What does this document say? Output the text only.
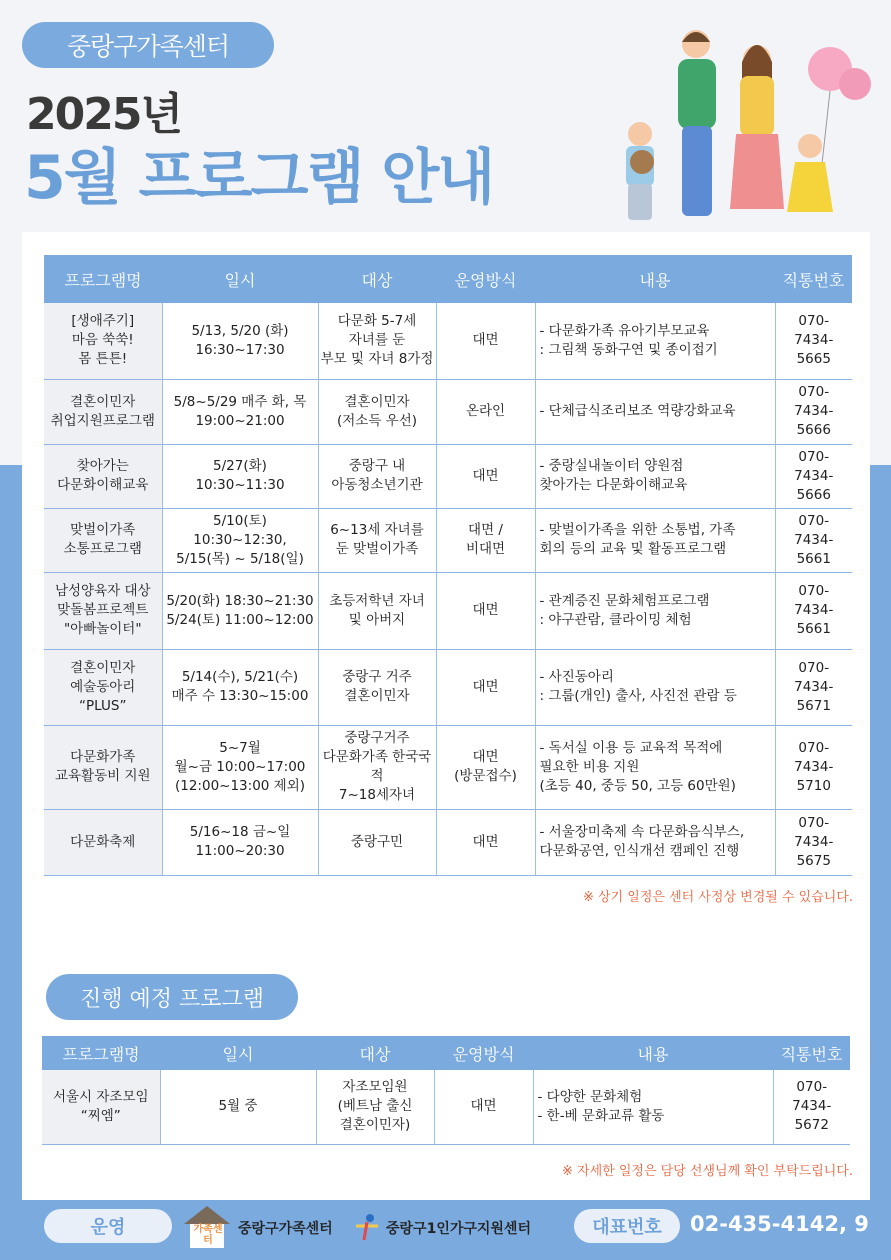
중랑구가족센터
2025년
5월 프로그램 안내
프로그램명	일시	대상	운영방식	내용	직통번호
[생애주기]
마음 쑥쑥!
몸 튼튼!	5/13, 5/20 (화)
16:30~17:30	다문화 5-7세
자녀를 둔
부모 및 자녀 8가정	대면	- 다문화가족 유아기부모교육
: 그림책 동화구연 및 종이접기	070-
7434-
5665
결혼이민자
취업지원프로그램	5/8~5/29 매주 화, 목
19:00~21:00	결혼이민자
(저소득 우선)	온라인	- 단체급식조리보조 역량강화교육	070-
7434-
5666
찾아가는
다문화이해교육	5/27(화)
10:30~11:30	중랑구 내
아동청소년기관	대면	- 중랑실내놀이터 양원점
찾아가는 다문화이해교육	070-
7434-
5666
맞벌이가족
소통프로그램	5/10(토) 10:30~12:30,
5/15(목) ~ 5/18(일)	6~13세 자녀를
둔 맞벌이가족	대면 /
비대면	- 맞벌이가족을 위한 소통법, 가족
회의 등의 교육 및 활동프로그램	070-
7434-
5661
남성양육자 대상
맞돌봄프로젝트
"아빠놀이터"	5/20(화) 18:30~21:30
5/24(토) 11:00~12:00	초등저학년 자녀
및 아버지	대면	- 관계증진 문화체험프로그램
: 야구관람, 클라이밍 체험	070-
7434-
5661
결혼이민자
예술동아리
“PLUS”	5/14(수), 5/21(수)
매주 수 13:30~15:00	중랑구 거주
결혼이민자	대면	- 사진동아리
: 그룹(개인) 출사, 사진전 관람 등	070-
7434-
5671
다문화가족
교육활동비 지원	5~7월
월~금 10:00~17:00
(12:00~13:00 제외)	중랑구거주
다문화가족 한국국적
7~18세자녀	대면
(방문접수)	- 독서실 이용 등 교육적 목적에
필요한 비용 지원
(초등 40, 중등 50, 고등 60만원)	070-
7434-
5710
다문화축제	5/16~18 금~일
11:00~20:30	중랑구민	대면	- 서울장미축제 속 다문화음식부스,
다문화공연, 인식개선 캠페인 진행	070-
7434-
5675
※ 상기 일정은 센터 사정상 변경될 수 있습니다.
진행 예정 프로그램
프로그램명	일시	대상	운영방식	내용	직통번호
서울시 자조모임
“찌엠”	5월 중	자조모임원
(베트남 출신
결혼이민자)	대면	- 다양한 문화체험
- 한-베 문화교류 활동	070-
7434-
5672
※ 자세한 일정은 담당 선생님께 확인 부탁드립니다.
운영	가족센터
중랑구가족센터	중랑구1인가구지원센터	대표번호	02-435-4142, 9
